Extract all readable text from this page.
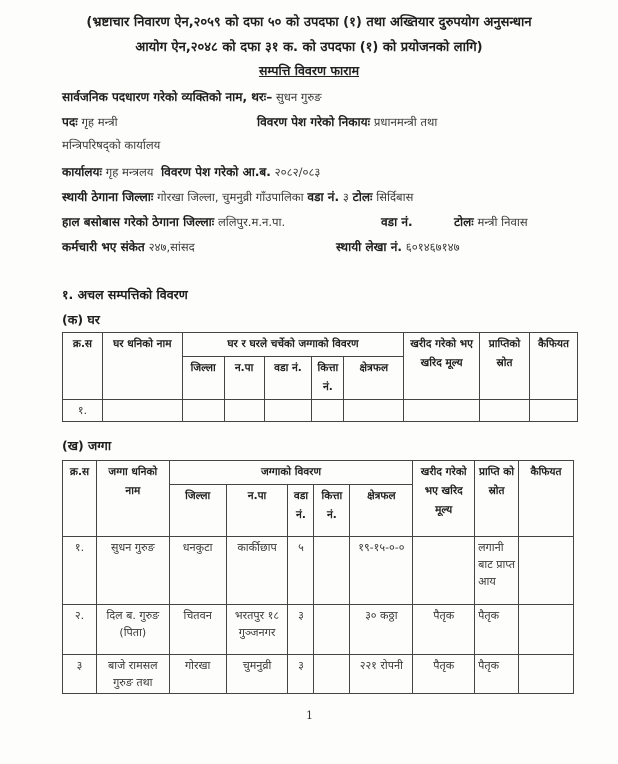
(भ्रष्टाचार निवारण ऐन,२०५९ को दफा ५० को उपदफा (१) तथा अख्तियार दुरुपयोग अनुसन्धान
आयोग ऐन,२०४८ को दफा ३१ क. को उपदफा (१) को प्रयोजनको लागि)
सम्पत्ति विवरण फाराम
सार्वजनिक पदधारण गरेको व्यक्तिको नाम, थरः– सुधन गुरुङ
पदः गृह मन्त्री	विवरण पेश गरेको निकायः प्रधानमन्त्री तथा
मन्त्रिपरिषद्को कार्यालय
कार्यालयः गृह मन्त्रलय विवरण पेश गरेको आ.ब. २०८२/०८३
स्थायी ठेगाना जिल्लाः गोरखा जिल्ला, चुमनुव्री गाँउपालिका वडा नं. ३ टोलः सिर्दिबास
हाल बसोबास गरेको ठेगाना जिल्लाः ललिपुर.म.न.पा.	वडा नं.	टोलः मन्त्री निवास
कर्मचारी भए संकेत २४७,सांसद	स्थायी लेखा नं. ६०१४६७१४७
१. अचल सम्पत्तिको विवरण
(क) घर
क्र.स	घर धनिको नाम	घर र घरले चर्चेको जग्गाको विवरण					खरीद गरेको भए खरिद मूल्य	प्राप्तिको स्रोत	कैफियत
		जिल्ला	न.पा	वडा नं.	कित्ता नं.	क्षेत्रफल			
१.									
(ख) जग्गा
क्र.स	जग्गा धनिको नाम	जग्गाको विवरण					खरीद गरेको भए खरिद मूल्य	प्राप्ति को स्रोत	कैफियत
		जिल्ला	न.पा	वडा नं.	कित्ता नं.	क्षेत्रफल			
१.	सुधन गुरुङ	धनकुटा	कार्कीछाप	५		१९-१५-०-०		लगानी बाट प्राप्त आय	
२.	दिल ब. गुरुङ (पिता)	चितवन	भरतपुर १८ गुञ्जनगर	३		३० कठ्ठा	पैतृक	पैतृक	
३	बाजे रामसल गुरुङ तथा	गोरखा	चुमनुव्री	३		२२१ रोपनी	पैतृक	पैतृक	
1
